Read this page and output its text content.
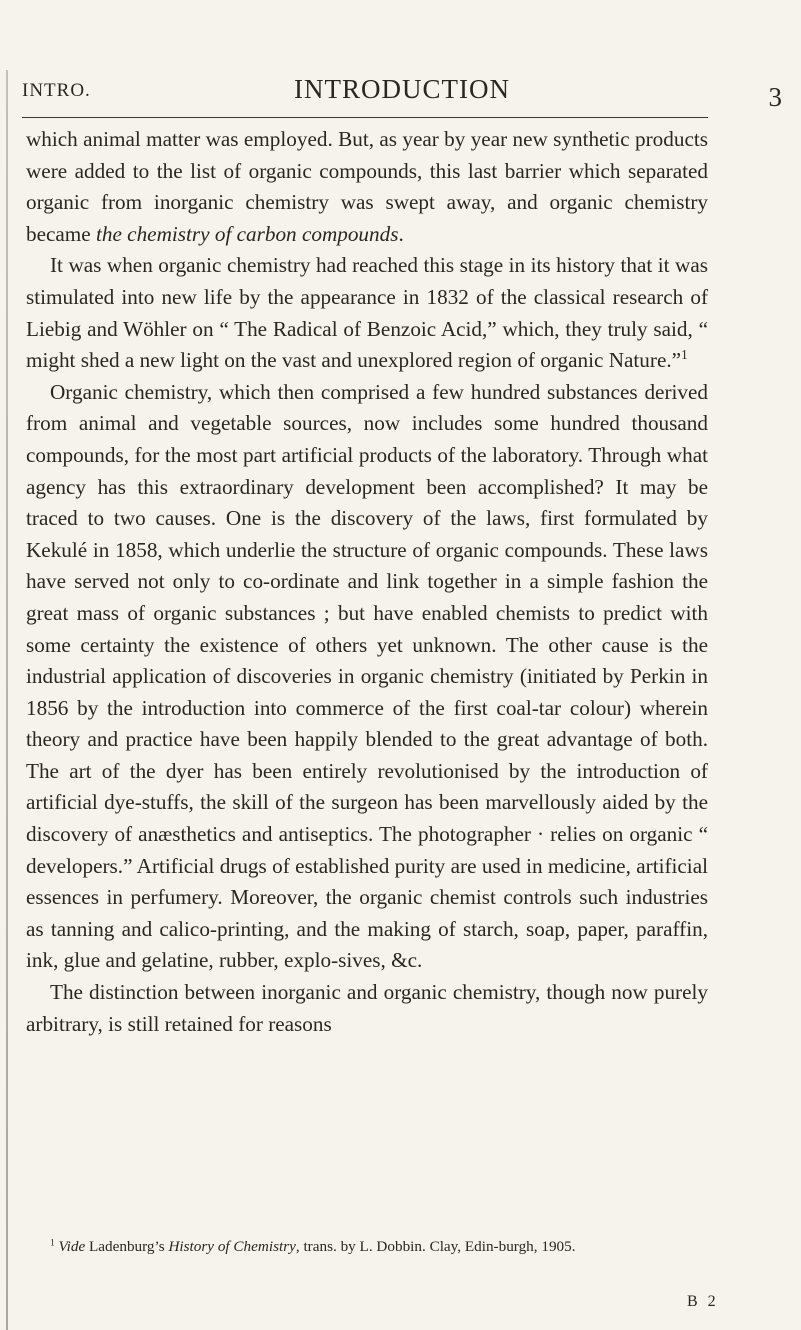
INTRO.	INTRODUCTION	3

which animal matter was employed. But, as year by year new synthetic products were added to the list of organic compounds, this last barrier which separated organic from inorganic chemistry was swept away, and organic chemistry became the chemistry of carbon compounds.

It was when organic chemistry had reached this stage in its history that it was stimulated into new life by the appearance in 1832 of the classical research of Liebig and Wöhler on “ The Radical of Benzoic Acid,” which, they truly said, “ might shed a new light on the vast and unexplored region of organic Nature.”$^1$

Organic chemistry, which then comprised a few hundred substances derived from animal and vegetable sources, now includes some hundred thousand compounds, for the most part artificial products of the laboratory. Through what agency has this extraordinary development been accomplished? It may be traced to two causes. One is the discovery of the laws, first formulated by Kekulé in 1858, which underlie the structure of organic compounds. These laws have served not only to co-ordinate and link together in a simple fashion the great mass of organic substances ; but have enabled chemists to predict with some certainty the existence of others yet unknown. The other cause is the industrial application of discoveries in organic chemistry (initiated by Perkin in 1856 by the introduction into commerce of the first coal-tar colour) wherein theory and practice have been happily blended to the great advantage of both. The art of the dyer has been entirely revolutionised by the introduction of artificial dye-stuffs, the skill of the surgeon has been marvellously aided by the discovery of anæsthetics and antiseptics. The photographer · relies on organic “ developers.” Artificial drugs of established purity are used in medicine, artificial essences in perfumery. Moreover, the organic chemist controls such industries as tanning and calico-printing, and the making of starch, soap, paper, paraffin, ink, glue and gelatine, rubber, explo-sives, &c.

The distinction between inorganic and organic chemistry, though now purely arbitrary, is still retained for reasons

$^1$ Vide Ladenburg’s History of Chemistry, trans. by L. Dobbin. Clay, Edin-burgh, 1905.

B 2
